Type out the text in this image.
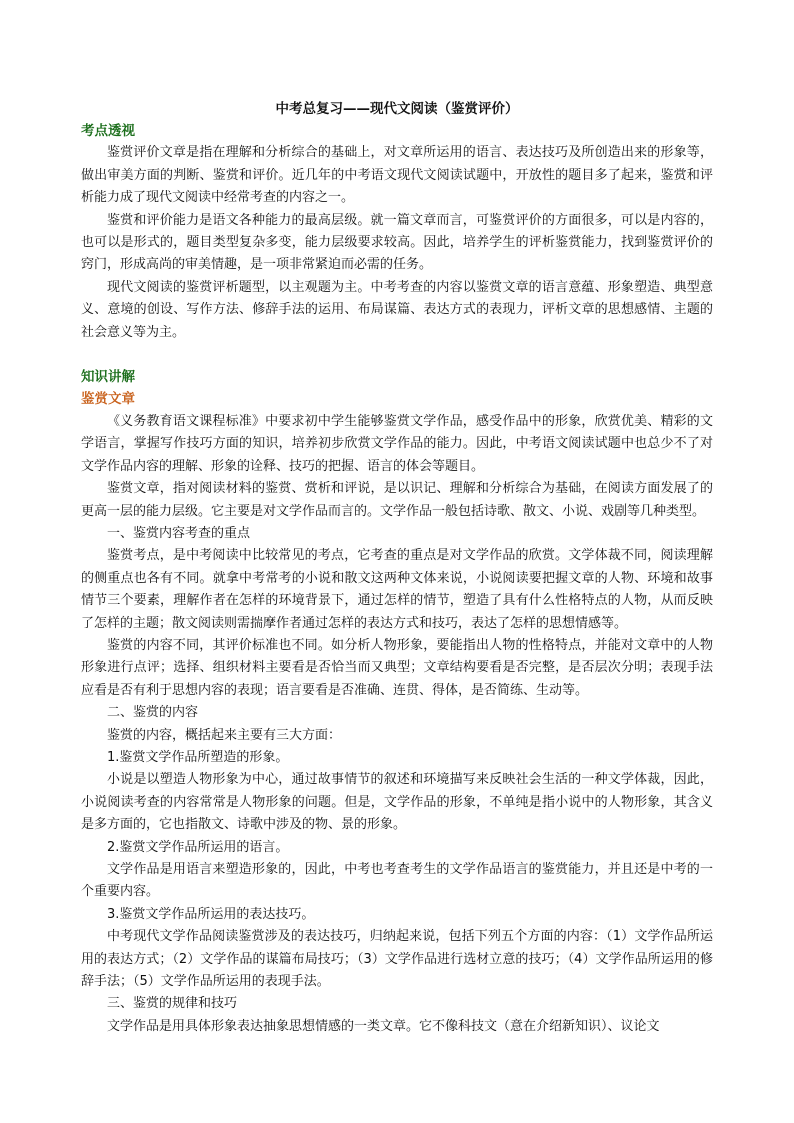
中考总复习——现代文阅读（鉴赏评价）
考点透视

鉴赏评价文章是指在理解和分析综合的基础上，对文章所运用的语言、表达技巧及所创造出来的形象等，做出审美方面的判断、鉴赏和评价。近几年的中考语文现代文阅读试题中，开放性的题目多了起来，鉴赏和评析能力成了现代文阅读中经常考查的内容之一。

鉴赏和评价能力是语文各种能力的最高层级。就一篇文章而言，可鉴赏评价的方面很多，可以是内容的，也可以是形式的，题目类型复杂多变，能力层级要求较高。因此，培养学生的评析鉴赏能力，找到鉴赏评价的窍门，形成高尚的审美情趣，是一项非常紧迫而必需的任务。

现代文阅读的鉴赏评析题型，以主观题为主。中考考查的内容以鉴赏文章的语言意蕴、形象塑造、典型意义、意境的创设、写作方法、修辞手法的运用、布局谋篇、表达方式的表现力，评析文章的思想感情、主题的社会意义等为主。

知识讲解
鉴赏文章

《义务教育语文课程标准》中要求初中学生能够鉴赏文学作品，感受作品中的形象，欣赏优美、精彩的文学语言，掌握写作技巧方面的知识，培养初步欣赏文学作品的能力。因此，中考语文阅读试题中也总少不了对文学作品内容的理解、形象的诠释、技巧的把握、语言的体会等题目。

鉴赏文章，指对阅读材料的鉴赏、赏析和评说，是以识记、理解和分析综合为基础，在阅读方面发展了的更高一层的能力层级。它主要是对文学作品而言的。文学作品一般包括诗歌、散文、小说、戏剧等几种类型。

一、鉴赏内容考查的重点

鉴赏考点，是中考阅读中比较常见的考点，它考查的重点是对文学作品的欣赏。文学体裁不同，阅读理解的侧重点也各有不同。就拿中考常考的小说和散文这两种文体来说，小说阅读要把握文章的人物、环境和故事情节三个要素，理解作者在怎样的环境背景下，通过怎样的情节，塑造了具有什么性格特点的人物，从而反映了怎样的主题；散文阅读则需揣摩作者通过怎样的表达方式和技巧，表达了怎样的思想情感等。

鉴赏的内容不同，其评价标准也不同。如分析人物形象，要能指出人物的性格特点，并能对文章中的人物形象进行点评；选择、组织材料主要看是否恰当而又典型；文章结构要看是否完整，是否层次分明；表现手法应看是否有利于思想内容的表现；语言要看是否准确、连贯、得体，是否简练、生动等。

二、鉴赏的内容

鉴赏的内容，概括起来主要有三大方面：

1.鉴赏文学作品所塑造的形象。

小说是以塑造人物形象为中心，通过故事情节的叙述和环境描写来反映社会生活的一种文学体裁，因此，小说阅读考查的内容常常是人物形象的问题。但是，文学作品的形象，不单纯是指小说中的人物形象，其含义是多方面的，它也指散文、诗歌中涉及的物、景的形象。

2.鉴赏文学作品所运用的语言。

文学作品是用语言来塑造形象的，因此，中考也考查考生的文学作品语言的鉴赏能力，并且还是中考的一个重要内容。

3.鉴赏文学作品所运用的表达技巧。

中考现代文学作品阅读鉴赏涉及的表达技巧，归纳起来说，包括下列五个方面的内容：（1）文学作品所运用的表达方式；（2）文学作品的谋篇布局技巧；（3）文学作品进行选材立意的技巧；（4）文学作品所运用的修辞手法；（5）文学作品所运用的表现手法。

三、鉴赏的规律和技巧

文学作品是用具体形象表达抽象思想情感的一类文章。它不像科技文（意在介绍新知识）、议论文
